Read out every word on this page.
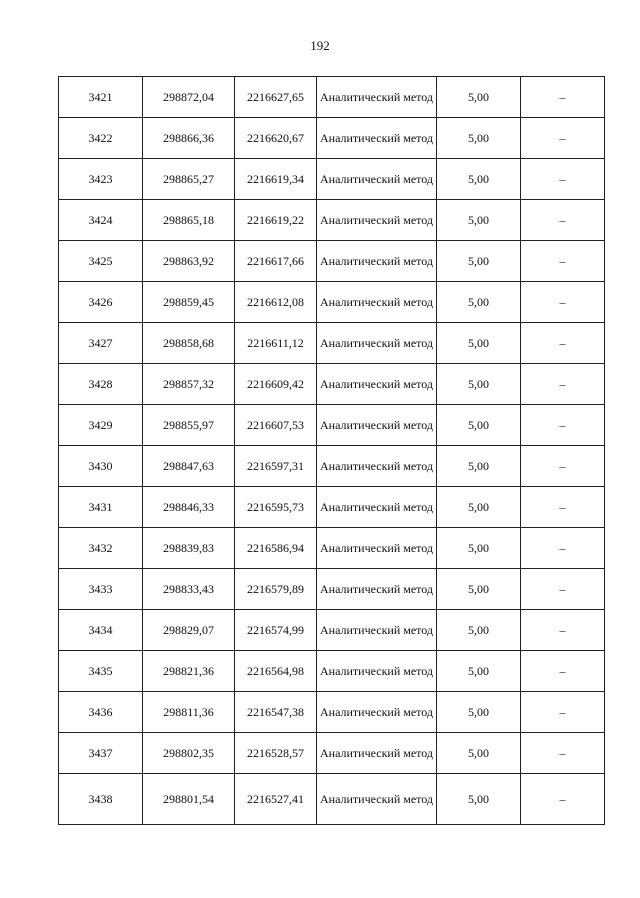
192
3421	298872,04	2216627,65	Аналитический метод	5,00	–
3422	298866,36	2216620,67	Аналитический метод	5,00	–
3423	298865,27	2216619,34	Аналитический метод	5,00	–
3424	298865,18	2216619,22	Аналитический метод	5,00	–
3425	298863,92	2216617,66	Аналитический метод	5,00	–
3426	298859,45	2216612,08	Аналитический метод	5,00	–
3427	298858,68	2216611,12	Аналитический метод	5,00	–
3428	298857,32	2216609,42	Аналитический метод	5,00	–
3429	298855,97	2216607,53	Аналитический метод	5,00	–
3430	298847,63	2216597,31	Аналитический метод	5,00	–
3431	298846,33	2216595,73	Аналитический метод	5,00	–
3432	298839,83	2216586,94	Аналитический метод	5,00	–
3433	298833,43	2216579,89	Аналитический метод	5,00	–
3434	298829,07	2216574,99	Аналитический метод	5,00	–
3435	298821,36	2216564,98	Аналитический метод	5,00	–
3436	298811,36	2216547,38	Аналитический метод	5,00	–
3437	298802,35	2216528,57	Аналитический метод	5,00	–
3438	298801,54	2216527,41	Аналитический метод	5,00	–
